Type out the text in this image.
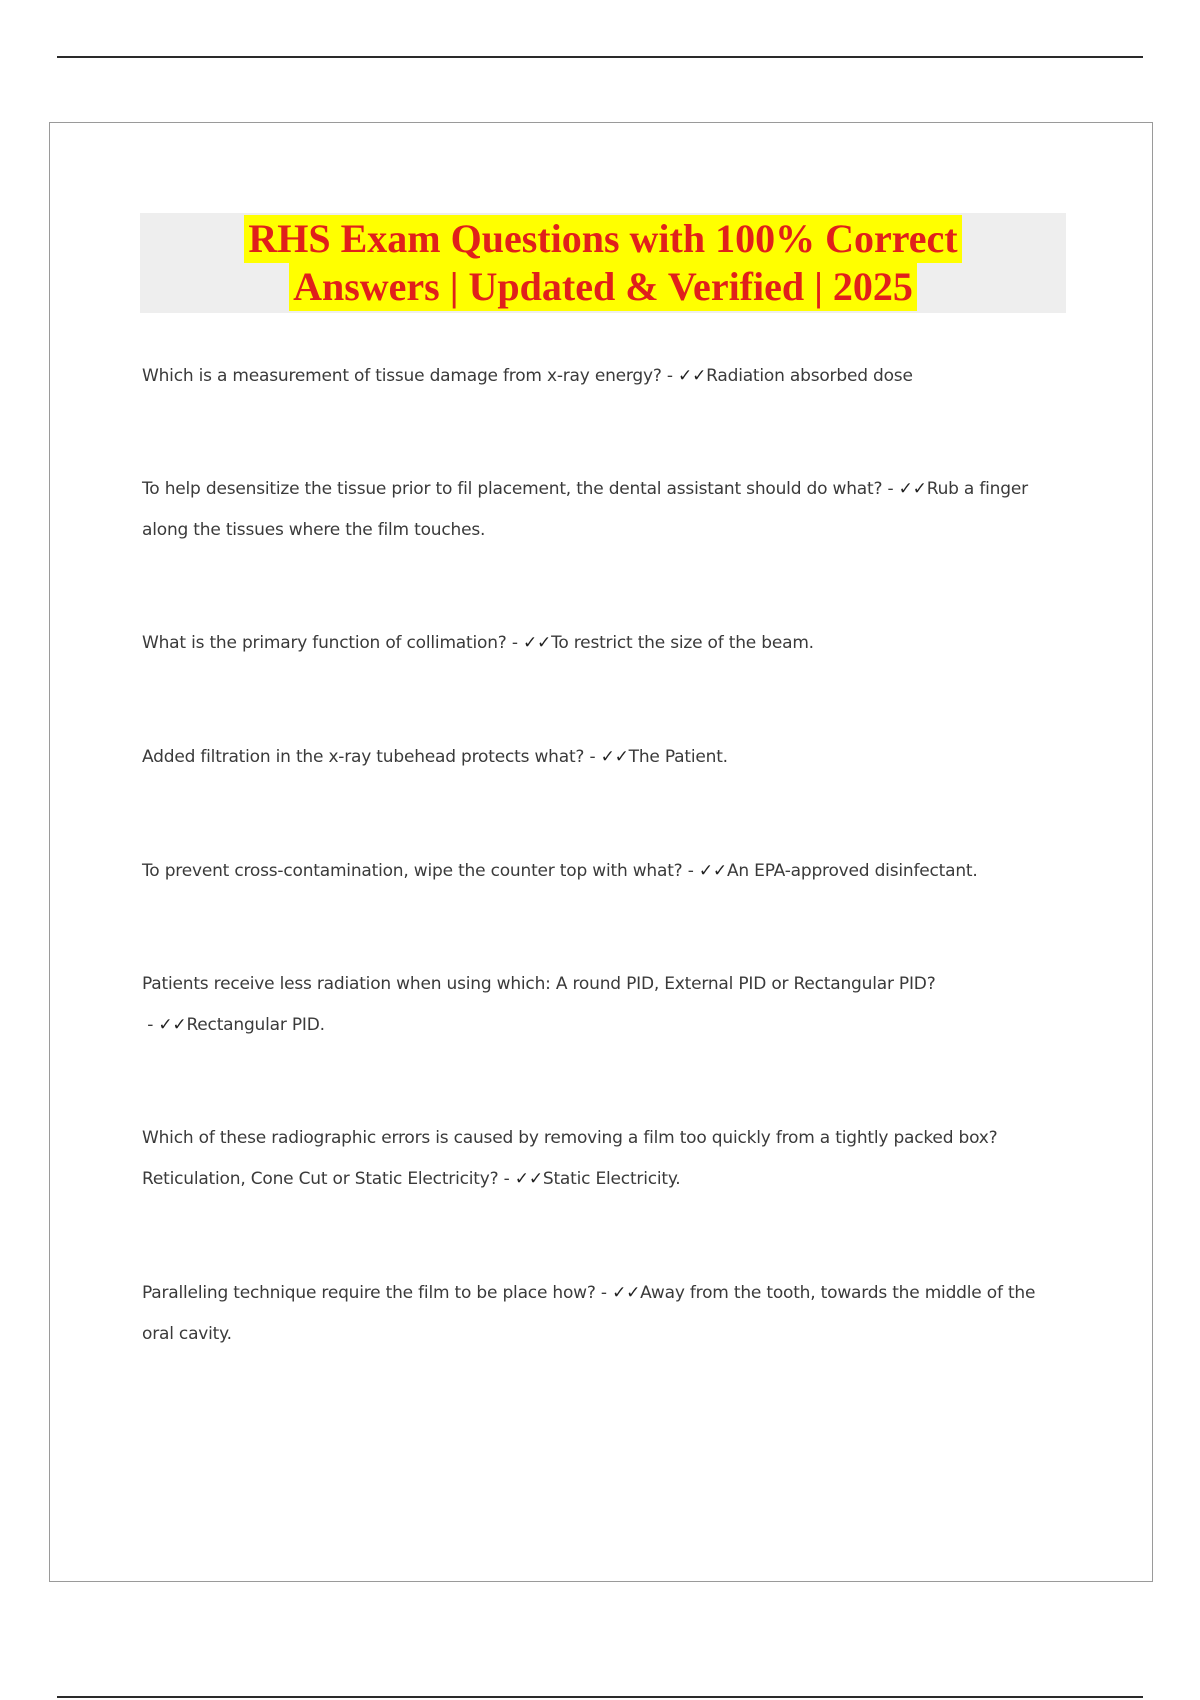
RHS Exam Questions with 100% Correct
Answers | Updated & Verified | 2025
Which is a measurement of tissue damage from x-ray energy? - ✓✓Radiation absorbed dose
To help desensitize the tissue prior to fil placement, the dental assistant should do what? - ✓✓Rub a finger along the tissues where the film touches.
What is the primary function of collimation? - ✓✓To restrict the size of the beam.
Added filtration in the x-ray tubehead protects what? - ✓✓The Patient.
To prevent cross-contamination, wipe the counter top with what? - ✓✓An EPA-approved disinfectant.
Patients receive less radiation when using which: A round PID, External PID or Rectangular PID? - ✓✓Rectangular PID.
Which of these radiographic errors is caused by removing a film too quickly from a tightly packed box? Reticulation, Cone Cut or Static Electricity? - ✓✓Static Electricity.
Paralleling technique require the film to be place how? - ✓✓Away from the tooth, towards the middle of the oral cavity.
